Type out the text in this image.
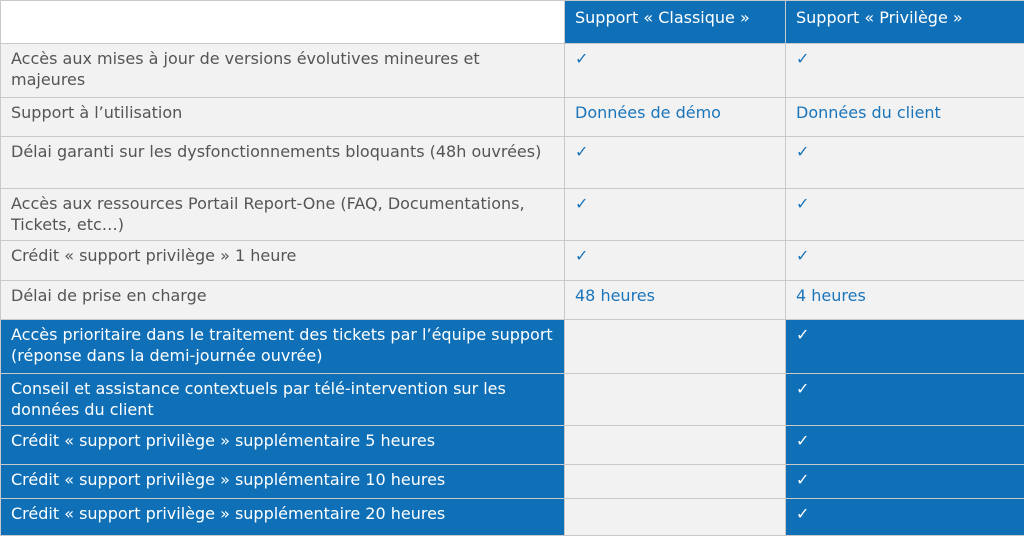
	Support « Classique »	Support « Privilège »
Accès aux mises à jour de versions évolutives mineures et majeures	✓	✓
Support à l’utilisation	Données de démo	Données du client
Délai garanti sur les dysfonctionnements bloquants (48h ouvrées)	✓	✓
Accès aux ressources Portail Report-One (FAQ, Documentations, Tickets, etc…)	✓	✓
Crédit « support privilège » 1 heure	✓	✓
Délai de prise en charge	48 heures	4 heures
Accès prioritaire dans le traitement des tickets par l’équipe support (réponse dans la demi-journée ouvrée)		✓
Conseil et assistance contextuels par télé-intervention sur les données du client		✓
Crédit « support privilège » supplémentaire 5 heures		✓
Crédit « support privilège » supplémentaire 10 heures		✓
Crédit « support privilège » supplémentaire 20 heures		✓
